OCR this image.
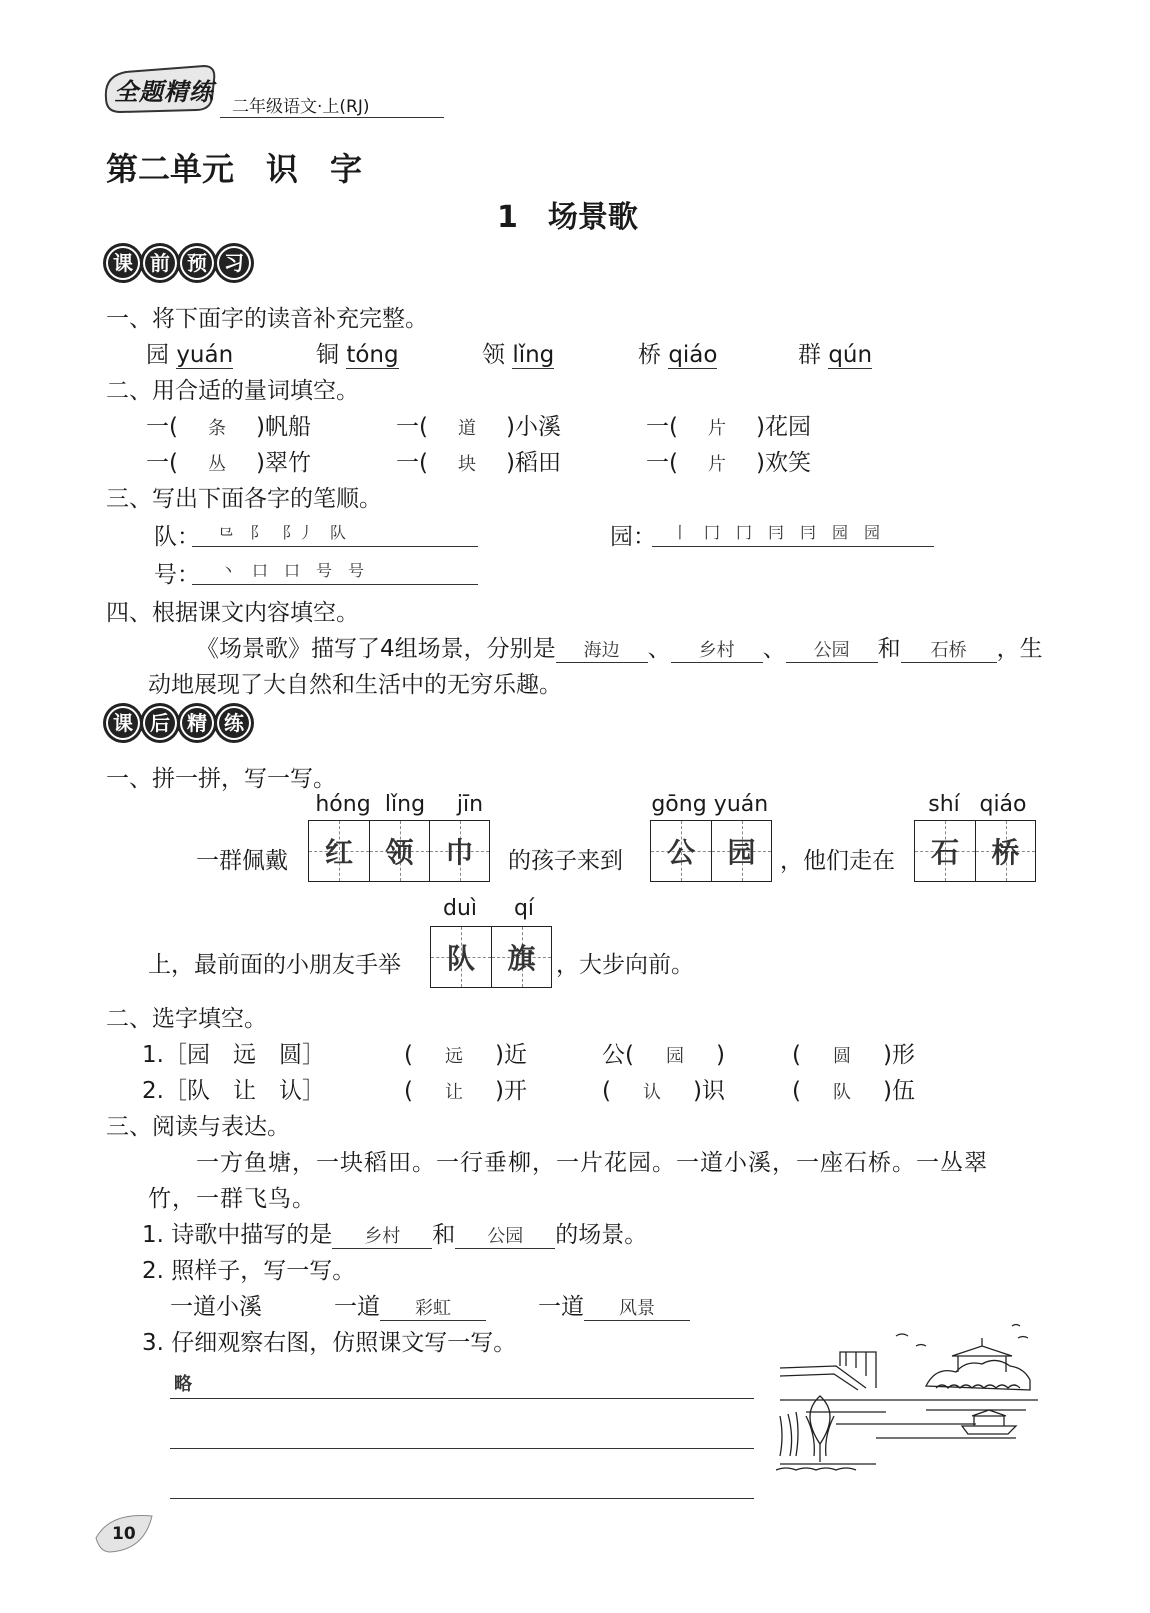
全题精练
二年级语文·上(RJ)
第二单元　识　字
1　场景歌
课 前 预 习
一、将下面字的读音补充完整。
园 yuán	铜 tóng	领 lǐng	桥 qiáo	群 qún
二、用合适的量词填空。
一( 条 )帆船	一( 道 )小溪	一( 片 )花园
一( 丛 )翠竹	一( 块 )稻田	一( 片 )欢笑
三、写出下面各字的笔顺。
队： ⺋　阝　阝丿　队	园： 丨　冂　冂　冃　冃　园　园
号： 丶　口　口　号　号
四、根据课文内容填空。
《场景歌》描写了4组场景，分别是 海边 、 乡村 、 公园 和 石桥 ，生
动地展现了大自然和生活中的无穷乐趣。
课 后 精 练
一、拼一拼，写一写。
一群佩戴
hóng lǐng	jīn
红 领 巾 的孩子来到
gōng yuán
公 园 ，他们走在
shí qiáo
石 桥
上，最前面的小朋友手举
duì	qí
队 旗 ，大步向前。
二、选字填空。
1.［园　远　圆］	( 远 )近	公( 园 )	( 圆 )形
2.［队　让　认］	( 让 )开	( 认 )识	( 队 )伍
三、阅读与表达。
一方鱼塘，一块稻田。一行垂柳，一片花园。一道小溪，一座石桥。一丛翠
竹，一群飞鸟。
1. 诗歌中描写的是 乡村 和 公园 的场景。
2. 照样子，写一写。
一道小溪	一道 彩虹	一道 风景
3. 仔细观察右图，仿照课文写一写。
略
10
